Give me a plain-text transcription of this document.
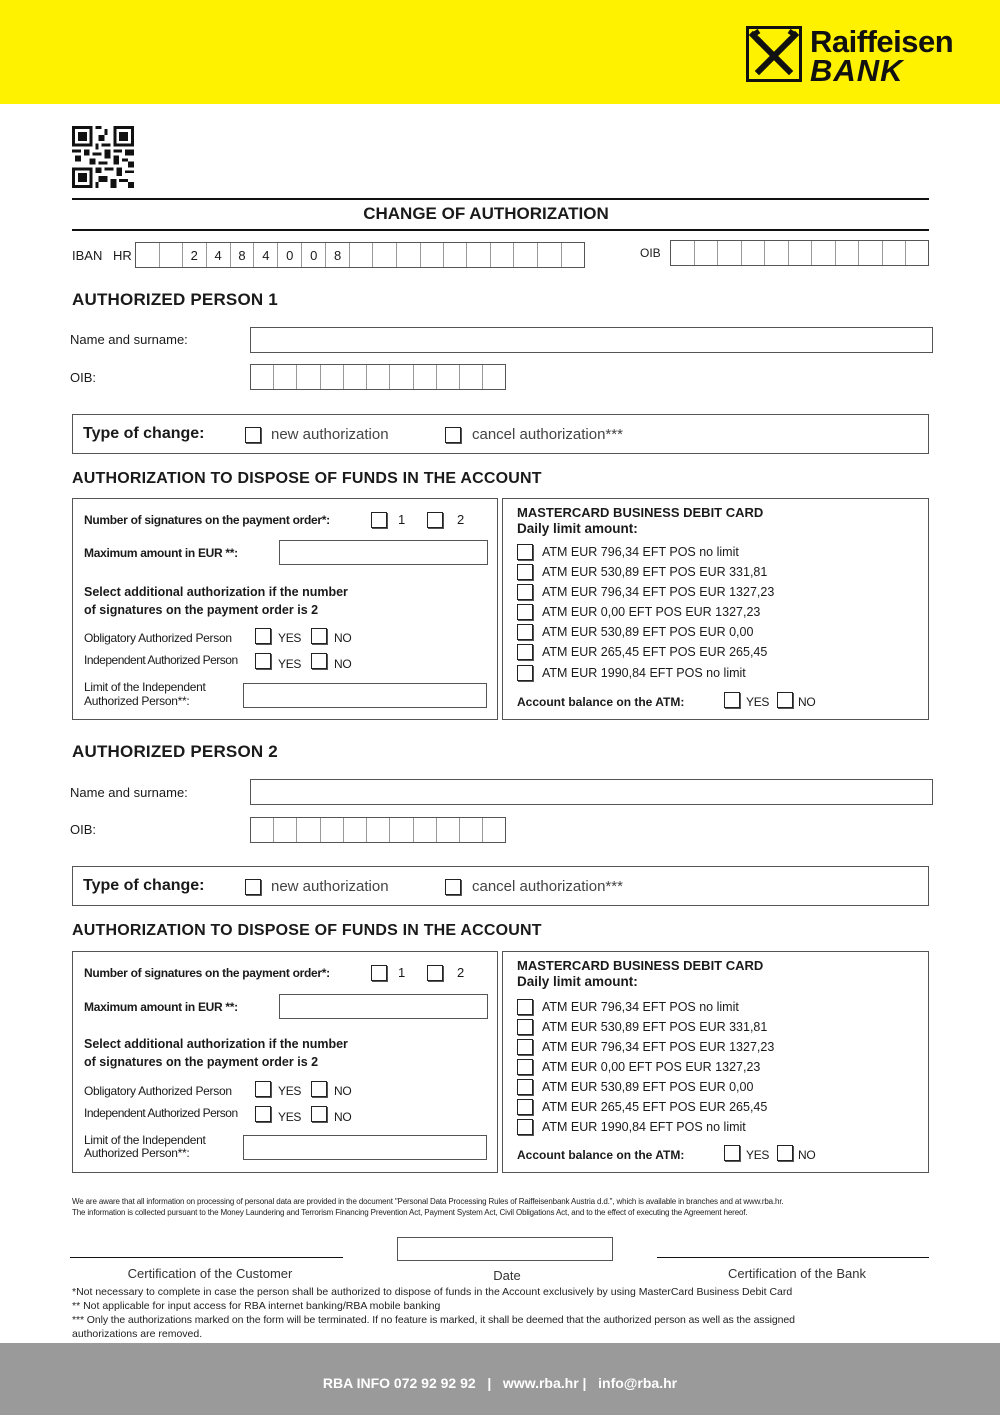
Raiffeisen
BANK
CHANGE OF AUTHORIZATION
IBAN HR	2	4	8	4	0	0	8	OIB
AUTHORIZED PERSON 1
Name and surname:
OIB:
Type of change:	new authorization	cancel authorization***
AUTHORIZATION TO DISPOSE OF FUNDS IN THE ACCOUNT
Number of signatures on the payment order*:	1	2
Maximum amount in EUR **:
Select additional authorization if the number
of signatures on the payment order is 2
Obligatory Authorized Person	YES	NO
Independent Authorized Person	YES	NO
Limit of the Independent
Authorized Person**:
MASTERCARD BUSINESS DEBIT CARD
Daily limit amount:
ATM EUR 796,34 EFT POS no limit
ATM EUR 530,89 EFT POS EUR 331,81
ATM EUR 796,34 EFT POS EUR 1327,23
ATM EUR 0,00 EFT POS EUR 1327,23
ATM EUR 530,89 EFT POS EUR 0,00
ATM EUR 265,45 EFT POS EUR 265,45
ATM EUR 1990,84 EFT POS no limit
Account balance on the ATM:	YES NO
AUTHORIZED PERSON 2
Name and surname:
OIB:
Type of change:	new authorization	cancel authorization***
AUTHORIZATION TO DISPOSE OF FUNDS IN THE ACCOUNT
Number of signatures on the payment order*:	1	2
Maximum amount in EUR **:
Select additional authorization if the number
of signatures on the payment order is 2
Obligatory Authorized Person	YES	NO
Independent Authorized Person	YES	NO
Limit of the Independent
Authorized Person**:
MASTERCARD BUSINESS DEBIT CARD
Daily limit amount:
ATM EUR 796,34 EFT POS no limit
ATM EUR 530,89 EFT POS EUR 331,81
ATM EUR 796,34 EFT POS EUR 1327,23
ATM EUR 0,00 EFT POS EUR 1327,23
ATM EUR 530,89 EFT POS EUR 0,00
ATM EUR 265,45 EFT POS EUR 265,45
ATM EUR 1990,84 EFT POS no limit
Account balance on the ATM:	YES NO
We are aware that all information on processing of personal data are provided in the document "Personal Data Processing Rules of Raiffeisenbank Austria d.d.", which is available in branches and at www.rba.hr.
The information is collected pursuant to the Money Laundering and Terrorism Financing Prevention Act, Payment System Act, Civil Obligations Act, and to the effect of executing the Agreement hereof.
Certification of the Customer	Date	Certification of the Bank
*Not necessary to complete in case the person shall be authorized to dispose of funds in the Account exclusively by using MasterCard Business Debit Card
** Not applicable for input access for RBA internet banking/RBA mobile banking
*** Only the authorizations marked on the form will be terminated. If no feature is marked, it shall be deemed that the authorized person as well as the assigned
authorizations are removed.
RBA INFO 072 92 92 92 | www.rba.hr | info@rba.hr
